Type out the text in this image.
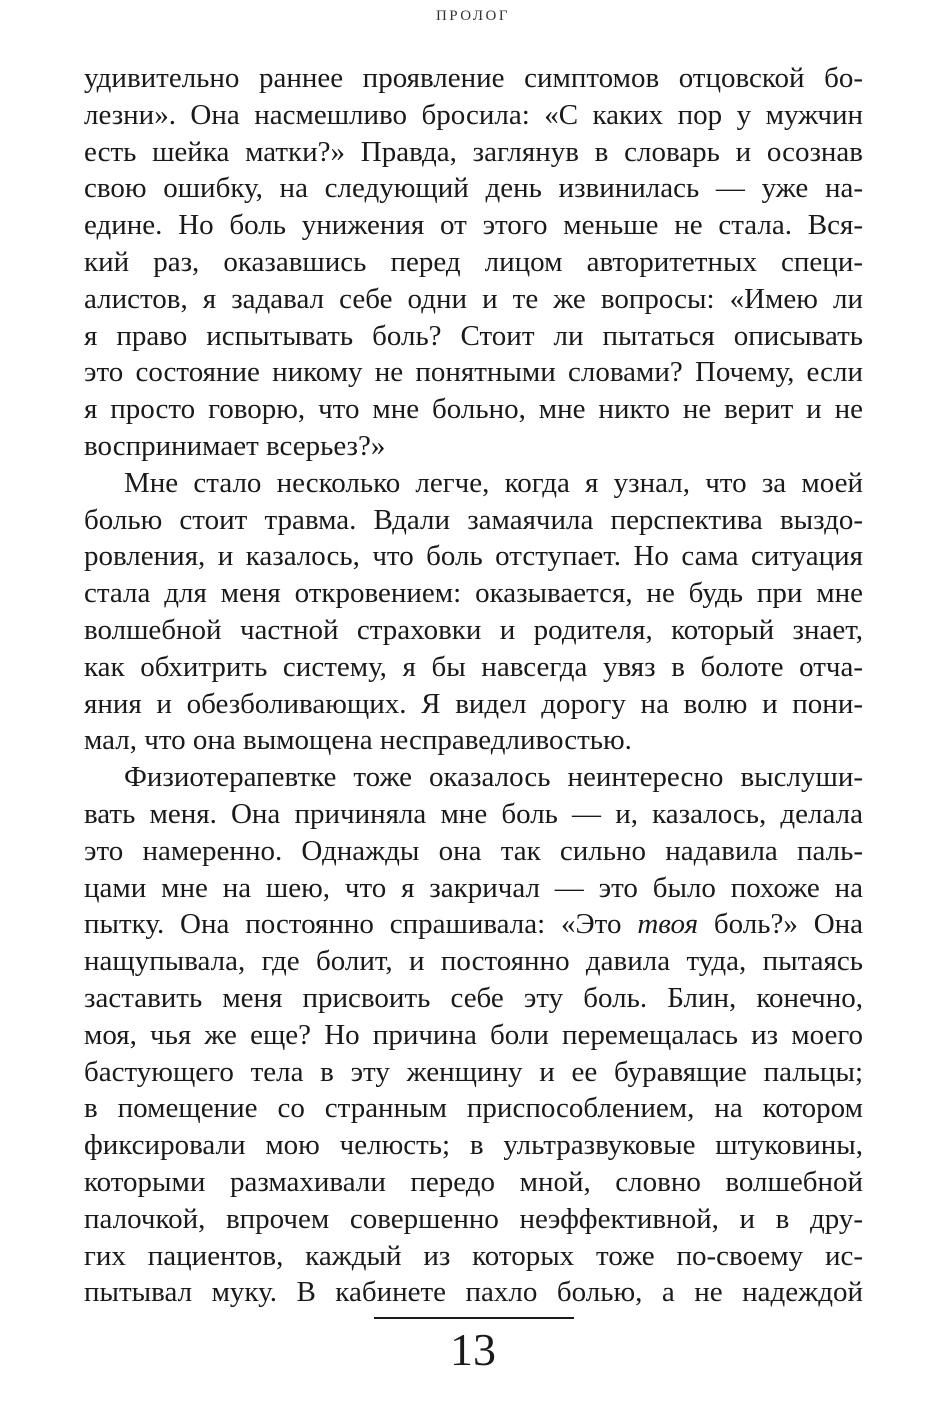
ПРОЛОГ
удивительно раннее проявление симптомов отцовской бо-
лезни». Она насмешливо бросила: «С каких пор у мужчин
есть шейка матки?» Правда, заглянув в словарь и осознав
свою ошибку, на следующий день извинилась — уже на-
едине. Но боль унижения от этого меньше не стала. Вся-
кий раз, оказавшись перед лицом авторитетных специ-
алистов, я задавал себе одни и те же вопросы: «Имею ли
я право испытывать боль? Стоит ли пытаться описывать
это состояние никому не понятными словами? Почему, если
я просто говорю, что мне больно, мне никто не верит и не
воспринимает всерьез?»
Мне стало несколько легче, когда я узнал, что за моей
болью стоит травма. Вдали замаячила перспектива выздо-
ровления, и казалось, что боль отступает. Но сама ситуация
стала для меня откровением: оказывается, не будь при мне
волшебной частной страховки и родителя, который знает,
как обхитрить систему, я бы навсегда увяз в болоте отча-
яния и обезболивающих. Я видел дорогу на волю и пони-
мал, что она вымощена несправедливостью.
Физиотерапевтке тоже оказалось неинтересно выслуши-
вать меня. Она причиняла мне боль — и, казалось, делала
это намеренно. Однажды она так сильно надавила паль-
цами мне на шею, что я закричал — это было похоже на
пытку. Она постоянно спрашивала: «Это твоя боль?» Она
нащупывала, где болит, и постоянно давила туда, пытаясь
заставить меня присвоить себе эту боль. Блин, конечно,
моя, чья же еще? Но причина боли перемещалась из моего
бастующего тела в эту женщину и ее буравящие пальцы;
в помещение со странным приспособлением, на котором
фиксировали мою челюсть; в ультразвуковые штуковины,
которыми размахивали передо мной, словно волшебной
палочкой, впрочем совершенно неэффективной, и в дру-
гих пациентов, каждый из которых тоже по-своему ис-
пытывал муку. В кабинете пахло болью, а не надеждой
13
